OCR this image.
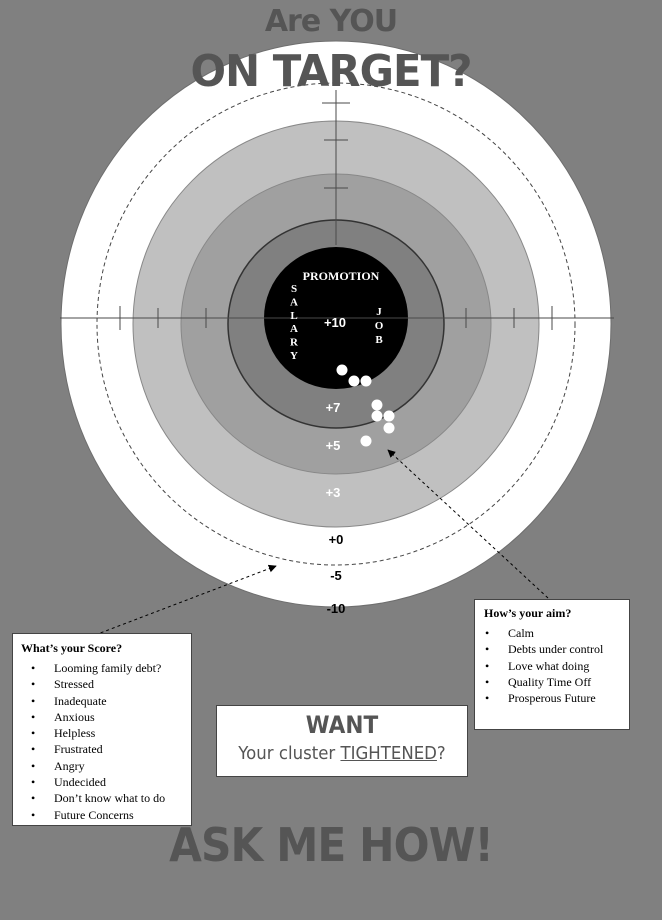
PROMOTION
S
A
L
A
R
Y
J
O
B
+10
+7
+5
+3
+0
-5
-10
Are YOU
ON TARGET?
What’s your Score?
• Looming family debt?
• Stressed
• Inadequate
• Anxious
• Helpless
• Frustrated
• Angry
• Undecided
• Don’t know what to do
• Future Concerns
How’s your aim?
• Calm
• Debts under control
• Love what doing
• Quality Time Off
• Prosperous Future
WANT
Your cluster TIGHTENED?
ASK ME HOW!
